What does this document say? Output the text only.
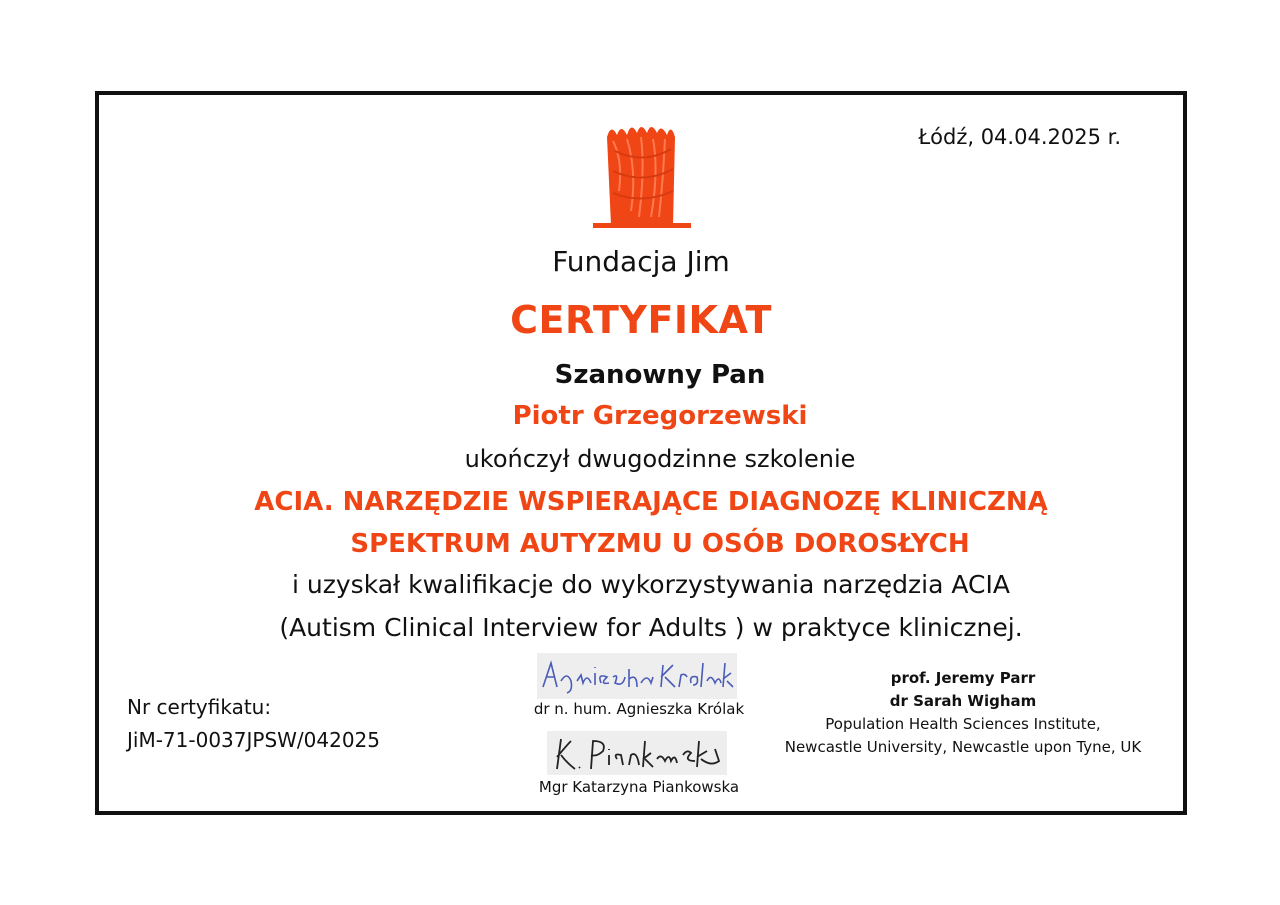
Łódź, 04.04.2025 r.
Fundacja Jim
CERTYFIKAT
Szanowny Pan
Piotr Grzegorzewski
ukończył dwugodzinne szkolenie
ACIA. NARZĘDZIE WSPIERAJĄCE DIAGNOZĘ KLINICZNĄ
SPEKTRUM AUTYZMU U OSÓB DOROSŁYCH
i uzyskał kwalifikacje do wykorzystywania narzędzia ACIA
(Autism Clinical Interview for Adults ) w praktyce klinicznej.
Nr certyfikatu:
JiM-71-0037JPSW/042025
dr n. hum. Agnieszka Królak
Mgr Katarzyna Piankowska
prof. Jeremy Parr
dr Sarah Wigham
Population Health Sciences Institute,
Newcastle University, Newcastle upon Tyne, UK
